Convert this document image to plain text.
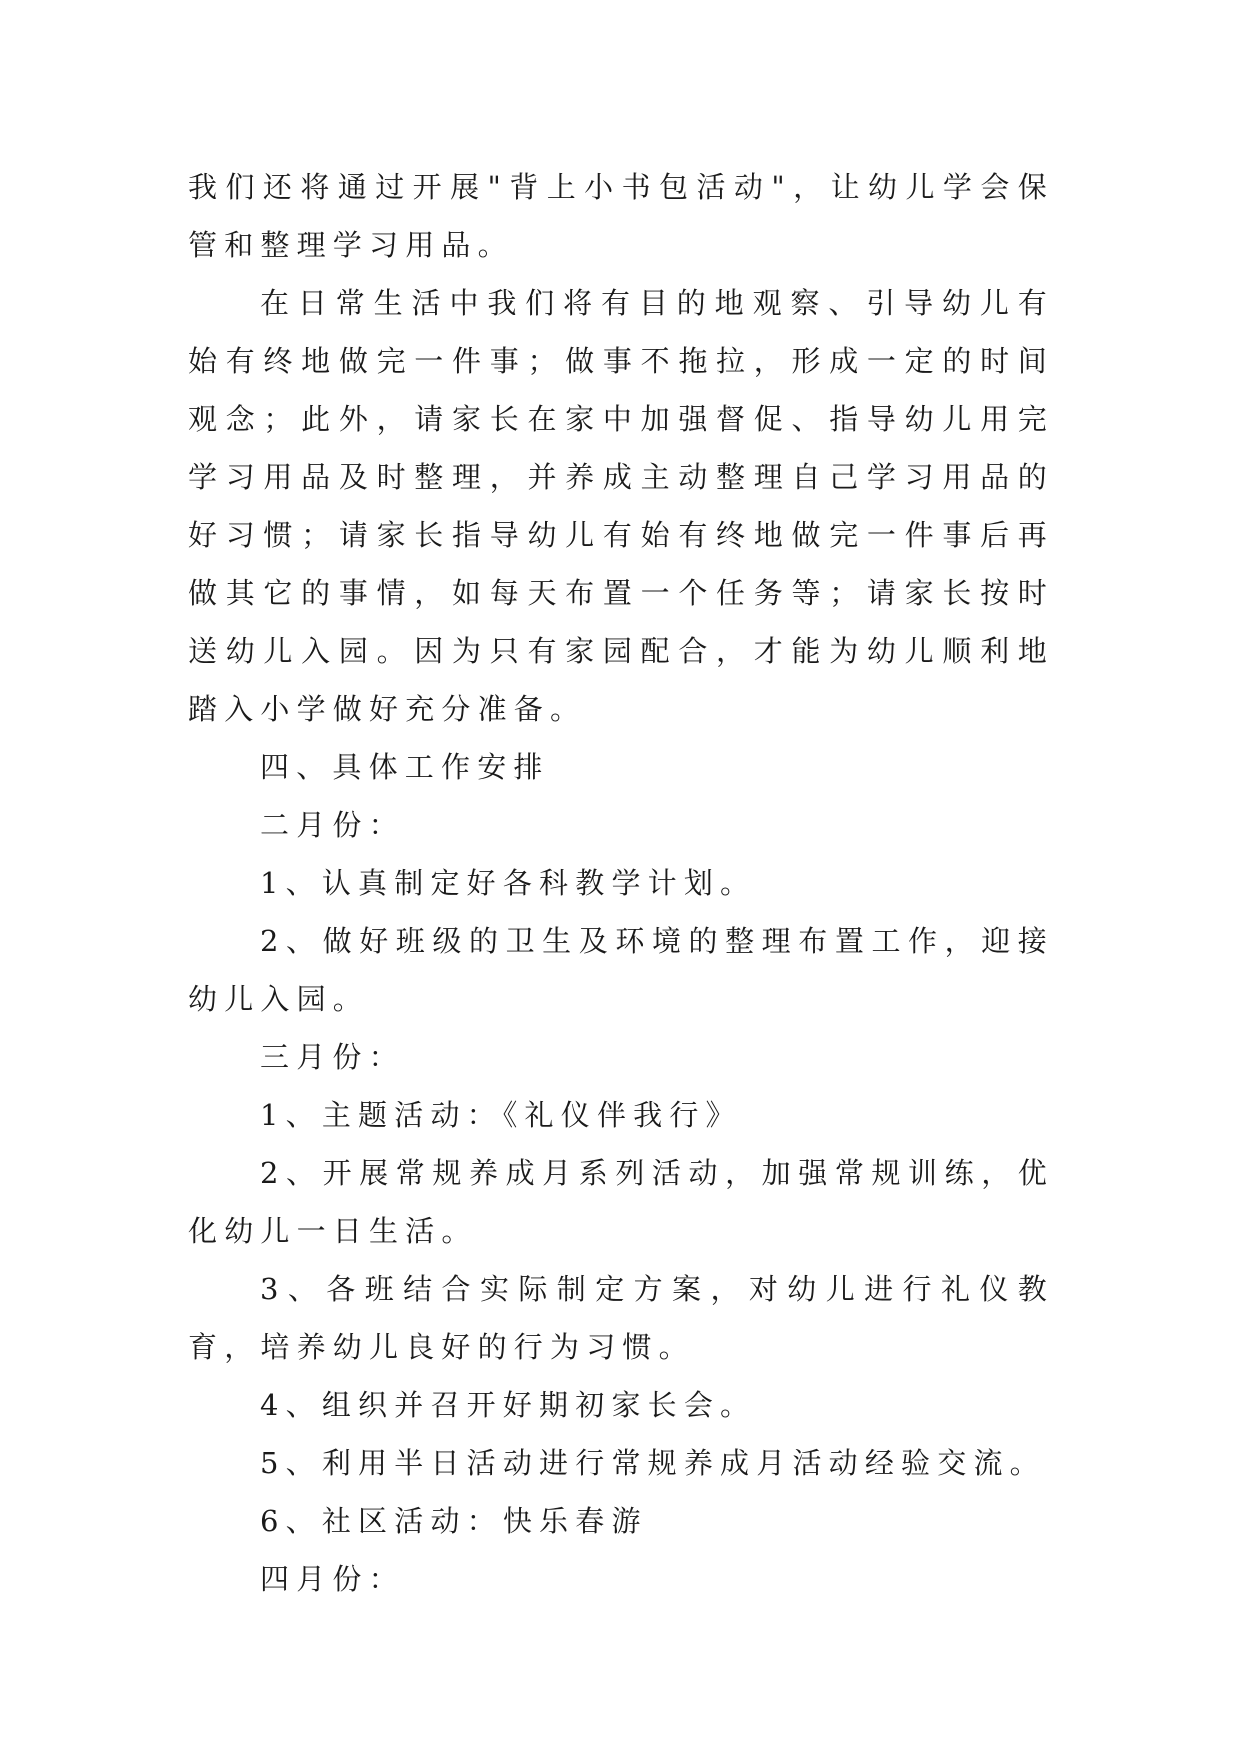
我们还将通过开展"背上小书包活动"，让幼儿学会保管和整理学习用品。

在日常生活中我们将有目的地观察、引导幼儿有始有终地做完一件事；做事不拖拉，形成一定的时间观念；此外，请家长在家中加强督促、指导幼儿用完学习用品及时整理，并养成主动整理自己学习用品的好习惯；请家长指导幼儿有始有终地做完一件事后再做其它的事情，如每天布置一个任务等；请家长按时送幼儿入园。因为只有家园配合，才能为幼儿顺利地踏入小学做好充分准备。

四、具体工作安排

二月份：

1、认真制定好各科教学计划。

2、做好班级的卫生及环境的整理布置工作，迎接幼儿入园。

三月份：

1、主题活动：《礼仪伴我行》

2、开展常规养成月系列活动，加强常规训练，优化幼儿一日生活。

3、各班结合实际制定方案，对幼儿进行礼仪教育，培养幼儿良好的行为习惯。

4、组织并召开好期初家长会。

5、利用半日活动进行常规养成月活动经验交流。

6、社区活动：快乐春游

四月份：
